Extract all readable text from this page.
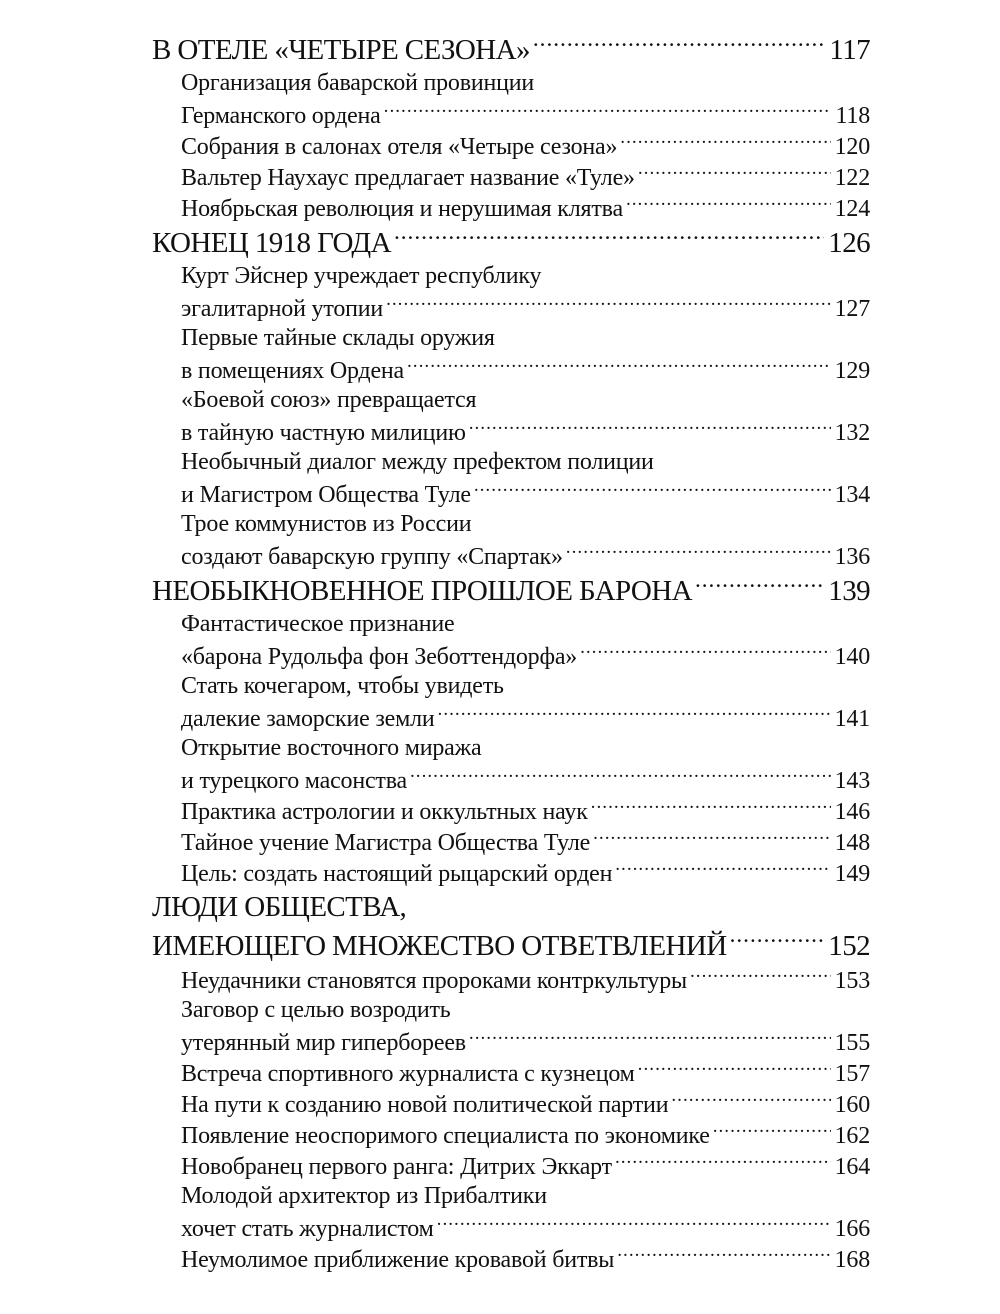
В ОТЕЛЕ «ЧЕТЫРЕ СЕЗОНА» .....	117
Организация баварской провинции
Германского ордена .....	118
Собрания в салонах отеля «Четыре сезона» .....	120
Вальтер Наухаус предлагает название «Туле» .....	122
Ноябрьская революция и нерушимая клятва .....	124
КОНЕЦ 1918 ГОДА .....	126
Курт Эйснер учреждает республику
эгалитарной утопии .....	127
Первые тайные склады оружия
в помещениях Ордена .....	129
«Боевой союз» превращается
в тайную частную милицию .....	132
Необычный диалог между префектом полиции
и Магистром Общества Туле .....	134
Трое коммунистов из России
создают баварскую группу «Спартак» .....	136
НЕОБЫКНОВЕННОЕ ПРОШЛОЕ БАРОНА .....	139
Фантастическое признание
«барона Рудольфа фон Зеботтендорфа» .....	140
Стать кочегаром, чтобы увидеть
далекие заморские земли .....	141
Открытие восточного миража
и турецкого масонства .....	143
Практика астрологии и оккультных наук .....	146
Тайное учение Магистра Общества Туле .....	148
Цель: создать настоящий рыцарский орден .....	149
ЛЮДИ ОБЩЕСТВА,
ИМЕЮЩЕГО МНОЖЕСТВО ОТВЕТВЛЕНИЙ .....	152
Неудачники становятся пророками контркультуры .....	153
Заговор с целью возродить
утерянный мир гипербореев .....	155
Встреча спортивного журналиста с кузнецом .....	157
На пути к созданию новой политической партии .....	160
Появление неоспоримого специалиста по экономике .....	162
Новобранец первого ранга: Дитрих Эккарт .....	164
Молодой архитектор из Прибалтики
хочет стать журналистом .....	166
Неумолимое приближение кровавой битвы .....	168
